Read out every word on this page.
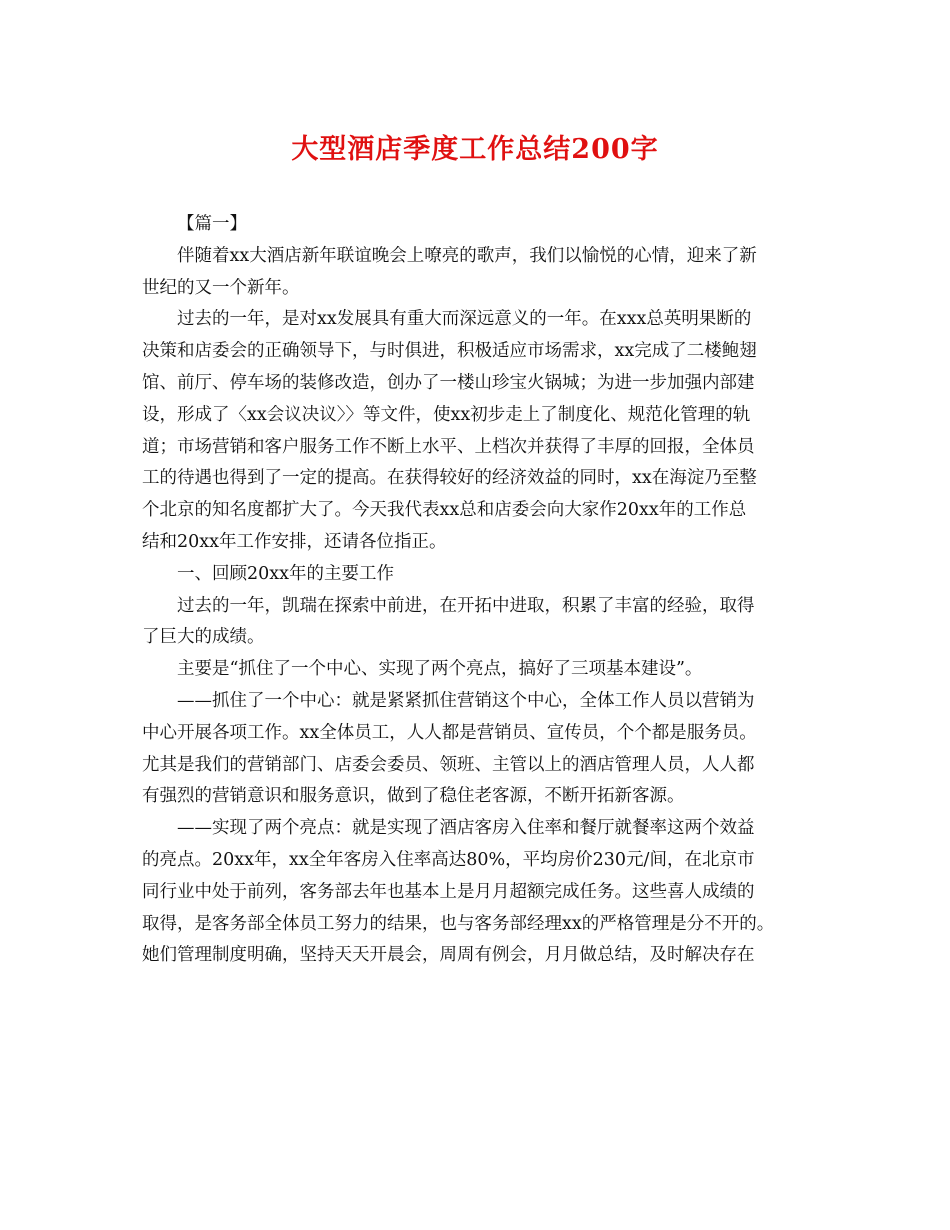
大型酒店季度工作总结200字
【篇一】
伴随着xx大酒店新年联谊晚会上嘹亮的歌声，我们以愉悦的心情，迎来了新
世纪的又一个新年。
过去的一年，是对xx发展具有重大而深远意义的一年。在xxx总英明果断的
决策和店委会的正确领导下，与时俱进，积极适应市场需求，xx完成了二楼鲍翅
馆、前厅、停车场的装修改造，创办了一楼山珍宝火锅城；为进一步加强内部建
设，形成了〈xx会议决议〉〉等文件，使xx初步走上了制度化、规范化管理的轨
道；市场营销和客户服务工作不断上水平、上档次并获得了丰厚的回报，全体员
工的待遇也得到了一定的提高。在获得较好的经济效益的同时，xx在海淀乃至整
个北京的知名度都扩大了。今天我代表xx总和店委会向大家作20xx年的工作总
结和20xx年工作安排，还请各位指正。
一、回顾20xx年的主要工作
过去的一年，凯瑞在探索中前进，在开拓中进取，积累了丰富的经验，取得
了巨大的成绩。
主要是“抓住了一个中心、实现了两个亮点，搞好了三项基本建设”。
——抓住了一个中心：就是紧紧抓住营销这个中心，全体工作人员以营销为
中心开展各项工作。xx全体员工，人人都是营销员、宣传员，个个都是服务员。
尤其是我们的营销部门、店委会委员、领班、主管以上的酒店管理人员，人人都
有强烈的营销意识和服务意识，做到了稳住老客源，不断开拓新客源。
——实现了两个亮点：就是实现了酒店客房入住率和餐厅就餐率这两个效益
的亮点。20xx年，xx全年客房入住率高达80%，平均房价230元/间，在北京市
同行业中处于前列，客务部去年也基本上是月月超额完成任务。这些喜人成绩的
取得，是客务部全体员工努力的结果，也与客务部经理xx的严格管理是分不开的。
她们管理制度明确，坚持天天开晨会，周周有例会，月月做总结，及时解决存在
